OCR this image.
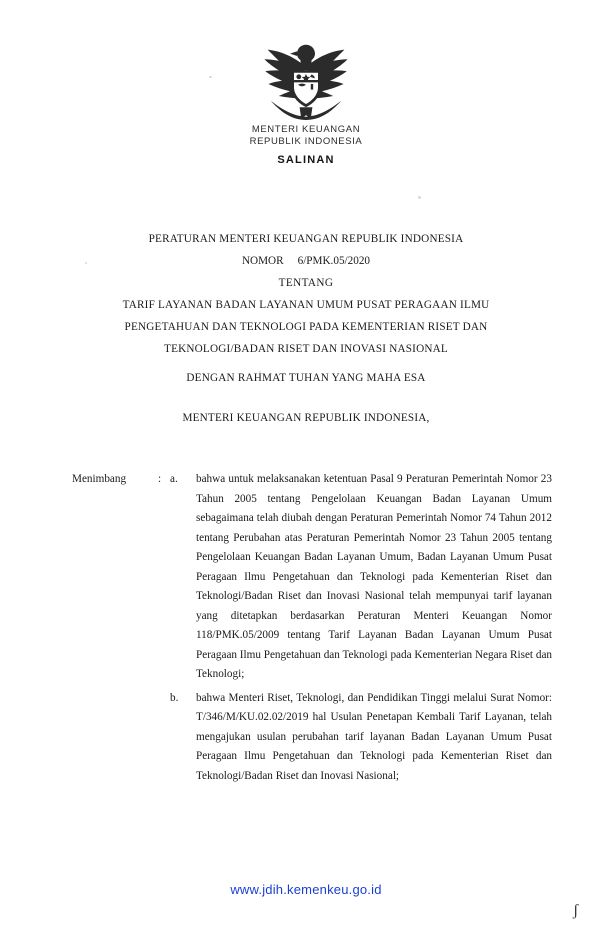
MENTERI KEUANGAN
REPUBLIK INDONESIA
SALINAN
PERATURAN MENTERI KEUANGAN REPUBLIK INDONESIA
NOMOR 6/PMK.05/2020
TENTANG
TARIF LAYANAN BADAN LAYANAN UMUM PUSAT PERAGAAN ILMU
PENGETAHUAN DAN TEKNOLOGI PADA KEMENTERIAN RISET DAN
TEKNOLOGI/BADAN RISET DAN INOVASI NASIONAL
DENGAN RAHMAT TUHAN YANG MAHA ESA
MENTERI KEUANGAN REPUBLIK INDONESIA,
Menimbang	: a.	bahwa untuk melaksanakan ketentuan Pasal 9 Peraturan Pemerintah Nomor 23 Tahun 2005 tentang Pengelolaan Keuangan Badan Layanan Umum sebagaimana telah diubah dengan Peraturan Pemerintah Nomor 74 Tahun 2012 tentang Perubahan atas Peraturan Pemerintah Nomor 23 Tahun 2005 tentang Pengelolaan Keuangan Badan Layanan Umum, Badan Layanan Umum Pusat Peragaan Ilmu Pengetahuan dan Teknologi pada Kementerian Riset dan Teknologi/Badan Riset dan Inovasi Nasional telah mempunyai tarif layanan yang ditetapkan berdasarkan Peraturan Menteri Keuangan Nomor 118/PMK.05/2009 tentang Tarif Layanan Badan Layanan Umum Pusat Peragaan Ilmu Pengetahuan dan Teknologi pada Kementerian Negara Riset dan Teknologi;
b.	bahwa Menteri Riset, Teknologi, dan Pendidikan Tinggi melalui Surat Nomor: T/346/M/KU.02.02/2019 hal Usulan Penetapan Kembali Tarif Layanan, telah mengajukan usulan perubahan tarif layanan Badan Layanan Umum Pusat Peragaan Ilmu Pengetahuan dan Teknologi pada Kementerian Riset dan Teknologi/Badan Riset dan Inovasi Nasional;
www.jdih.kemenkeu.go.id
ʃ
